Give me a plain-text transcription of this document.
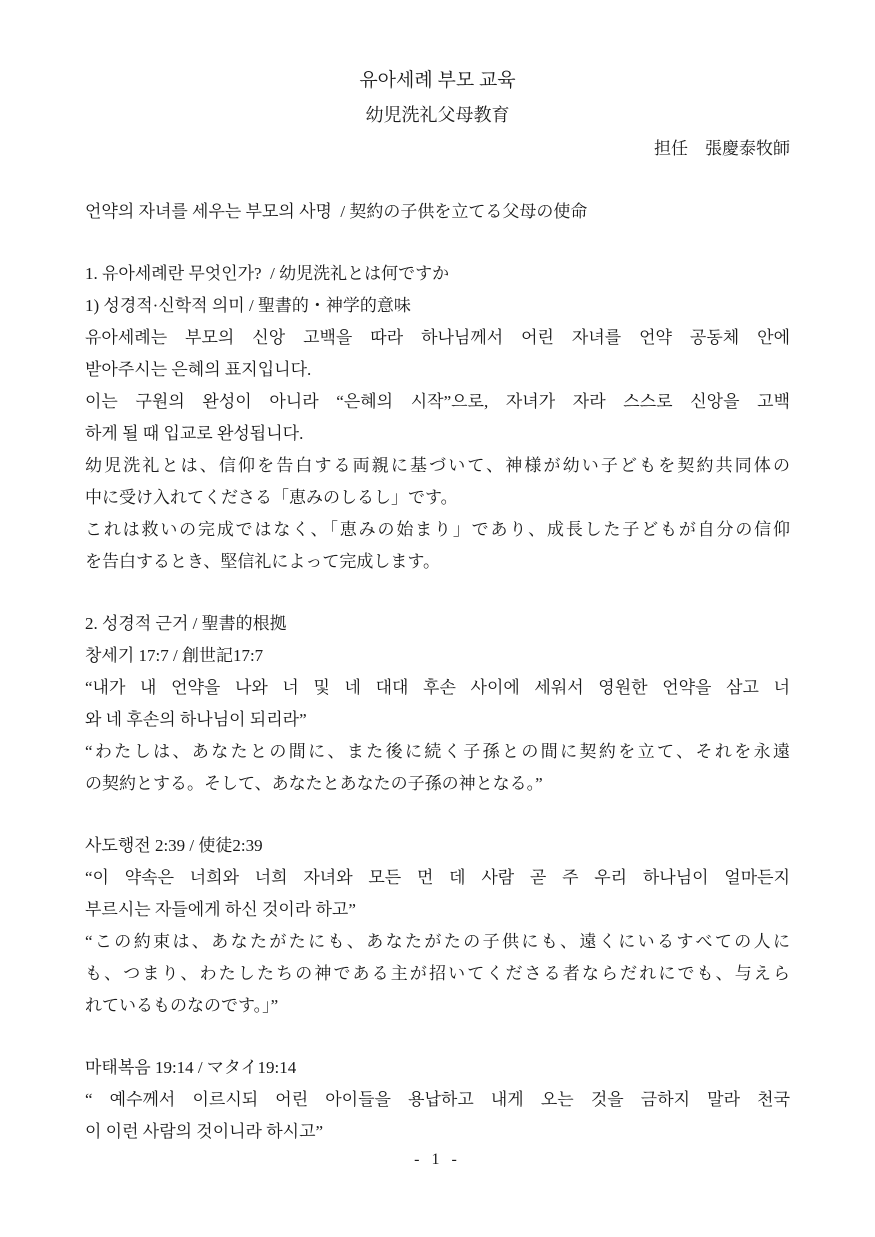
유아세례 부모 교육
幼児洗礼父母教育
担任　張慶泰牧師
언약의 자녀를 세우는 부모의 사명  / 契約の子供を立てる父母の使命
1. 유아세례란 무엇인가?  / 幼児洗礼とは何ですか
1) 성경적·신학적 의미 / 聖書的・神学的意味
유아세례는 부모의 신앙 고백을 따라 하나님께서 어린 자녀를 언약 공동체 안에
받아주시는 은혜의 표지입니다.
이는 구원의 완성이 아니라 “은혜의 시작”으로, 자녀가 자라 스스로 신앙을 고백
하게 될 때 입교로 완성됩니다.
幼児洗礼とは、信仰を告白する両親に基づいて、神様が幼い子どもを契約共同体の
中に受け入れてくださる「恵みのしるし」です。
これは救いの完成ではなく、「恵みの始まり」であり、成長した子どもが自分の信仰
を告白するとき、堅信礼によって完成します。
2. 성경적 근거 / 聖書的根拠
창세기 17:7 / 創世記17:7
“내가 내 언약을 나와 너 및 네 대대 후손 사이에 세워서 영원한 언약을 삼고 너
와 네 후손의 하나님이 되리라”
“わたしは、あなたとの間に、また後に続く子孫との間に契約を立て、それを永遠
の契約とする。そして、あなたとあなたの子孫の神となる。”
사도행전 2:39 / 使徒2:39
“이 약속은 너희와 너희 자녀와 모든 먼 데 사람 곧 주 우리 하나님이 얼마든지
부르시는 자들에게 하신 것이라 하고”
“この約束は、あなたがたにも、あなたがたの子供にも、遠くにいるすべての人に
も、つまり、わたしたちの神である主が招いてくださる者ならだれにでも、与えら
れているものなのです。」”
마태복음 19:14 / マタイ19:14
“ 예수께서 이르시되 어린 아이들을 용납하고 내게 오는 것을 금하지 말라 천국
이 이런 사람의 것이니라 하시고”
- 1 -
